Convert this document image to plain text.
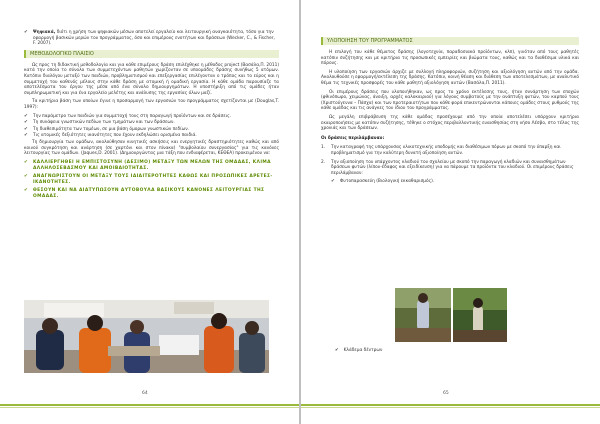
✔ Ψηφιακά, διότι η χρήση των ψηφιακών μέσων αποτελεί εργαλείο και λειτουργική αναγκαιότητα, τόσο για την εφαρμογή βασικών μερών του προγράμματος, όσο και επιμέρους ενοτήτων και δράσεων (Wecker, C., & Fischer, F. 2007).
ΜΕΘΟΔΟΛΟΓΙΚΟ ΠΛΑΙΣΙΟ

Ως προς τη διδακτική μεθοδολογία και για κάθε επιμέρους δράση επιλέχθηκε η μέθοδος project (Βασάλα,Π. 2011) κατά την οποία το σύνολο των συμμετεχόντων μαθητών χωρίζονταν σε υποομάδες δράσης συνήθως 5 ατόμων. Κατόπιν διαλόγου μεταξύ των παιδιών, προβληματισμού και επεξεργασίας επιλέγονταν ο τρόπος και το εύρος και η συμμετοχή του καθενός μέλους στην κάθε δράση με ατομική ή ομαδική εργασία. Η κάθε ομάδα παρουσίαζε τα αποτελέσματα του έργου της μέσα από ένα σύνολο δημιουργημάτων. Η υποστήριξη από τις ομάδες ήταν συμπληρωματική και για ένα εργαλείο μελέτης και ανάλυσης της εργασίας όλων μαζί.

Τα κριτήρια βάση των οποίων έγινε η προσαρμογή των εργασιών του προγράμματος σχετίζονται με (Douglas,T. 1997):

✔ Την παράμετρο των παιδιών για συμμετοχή τους στη παραγωγή προϊόντων και σε δράσεις.
✔ Τη συνάφεια γνωστικών πεδίων των τμημάτων και των δράσεων.
✔ Τη διαθεσιμότητα των τομέων, σε μια βάση όμορων γνωστικών πεδίων.
✔ Τις ατομικές δεξιότητες ικανότητες που έχουν εκδηλώσει ορισμένα παιδιά.

Τη δημιουργία των ομάδων, ακολούθησαν κινητικές ασκήσεις και ενεργητικές δραστηριότητες καθώς και από κοινού συγκρότηση και ανάρτηση (σε χαρτόνι και στον πίνακα) "συμβολαίου συνεργασίας" για τις κανόνες λειτουργίας των ομάδων. (Jaques,D. 2001). (Δημιουργώντας μια τάξη που ενδιαφέρεται, ΚΕΘΕΑ) προκειμένου να:

✔ ΚΑΛΛΙΕΡΓΗΘΕΙ Η ΕΜΠΙΣΤΟΣΥΝΗ (ΔΕΣΙΜΟ) ΜΕΤΑΞΥ ΤΩΝ ΜΕΛΩΝ ΤΗΣ ΟΜΑΔΑΣ, ΚΛΙΜΑ ΑΛΛΗΛΟΣΕΒΑΣΜΟΥ ΚΑΙ ΑΜΟΙΒΑΙΟΤΗΤΑΣ.
✔ ΑΝΑΓΝΩΡΙΣΤΟΥΝ ΟΙ ΜΕΤΑΞΥ ΤΟΥΣ ΙΔΙΑΙΤΕΡΟΤΗΤΕΣ ΚΑΘΩΣ ΚΑΙ ΠΡΟΣΩΠΙΚΕΣ ΑΡΕΤΕΣ- ΙΚΑΝΟΤΗΤΕΣ.
✔ ΘΕΣΟΥΝ ΚΑΙ ΝΑ ΔΙΑΤΥΠΩΣΟΥΝ ΑΥΤΟΒΟΥΛΑ ΒΑΣΙΚΟΥΣ ΚΑΝΟΝΕΣ ΛΕΙΤΟΥΡΓΙΑΣ ΤΗΣ ΟΜΑΔΑΣ.
64
ΥΛΟΠΟΙΗΣΗ ΤΟΥ ΠΡΟΓΡΑΜΜΑΤΟΣ

Η επιλογή του κάθε θέματος δράσης (λογοτεχνία, παραδοσιακά προϊόντων, κλπ), γινόταν από τους μαθητές κατόπιν συζήτησης και με κριτήρια τις προσωπικές εμπειρίες και βιώματα τους, καθώς και τα διαθέσιμα υλικά και πόρους.

Η υλοποίηση των εργασιών άρχιζε με συλλογή πληροφοριών, συζήτηση και αξιολόγηση αυτών από την ομάδα. Ακολουθούσε η εφαρμογή/εκτέλεση της δράσης. Κατόπιν, κοινή θέαση και διάθεση των αποτελεσμάτων, με αναλυτικό θέμα τις τεχνικές προσφορές του κάθε μαθητή αξιολόγηση αυτών (Βασάλα,Π. 2011).

Οι επιμέρους δράσεις που υλοποιήθηκαν, ως προς το χρόνο εκτέλεσης τους, ήταν συνάρτηση των εποχών (φθινόπωρο, χειμώνας, άνοιξη, αρχές καλοκαιριού) για λόγους συμβατούς με την ανάπτυξη φυτών, του καρπού τους (Χριστούγεννα – Πάσχα) και των προτεραιοτήτων που κάθε φορά επικεντρώνονται κάποιες ομάδες στους ρυθμούς της κάθε ομάδας και τις ανάγκες του ίδιου του προγράμματος.

Ως μεγάλη επιβράβευση της κάθε ομάδας προσέχουμε από την οποία αποτελέσει υπάρχουν κριτήρια εκαιροποιήσεις με κατόπιν συζήτησης, τέθηκε ο στόχος περιβαλλοντικής ευαισθησίας στη νήσο Λέσβο, στο τέλος της χρονιάς και των δράσεων.

Οι δράσεις περιλάμβαναν:
1. Την καταγραφή της υπάρχουσας υλικοτεχνικής υποδομής και διαθέσιμων πόρων με σκοπό την ύπαρξη και προβληματισμό για την καλύτερη δυνατή αξιοποίηση αυτών.
2. Την αξιοποίηση του υπάρχοντος κλαδιού του σχολείου με σκοπό την παραγωγή κλαδιών και συναισθημάτων δράσεων φυτών (λίπου-έδαφος και εξειδίκευση) για να πάρουμε τα προϊόντα του κλαδιού. Οι επιμέρους δράσεις περιλάμβαναν:
✔ Φυτοπαρασκεύη (Βιολογική εκκαθαρισμός).
✔ Κλάδεμα δέντρων
65
